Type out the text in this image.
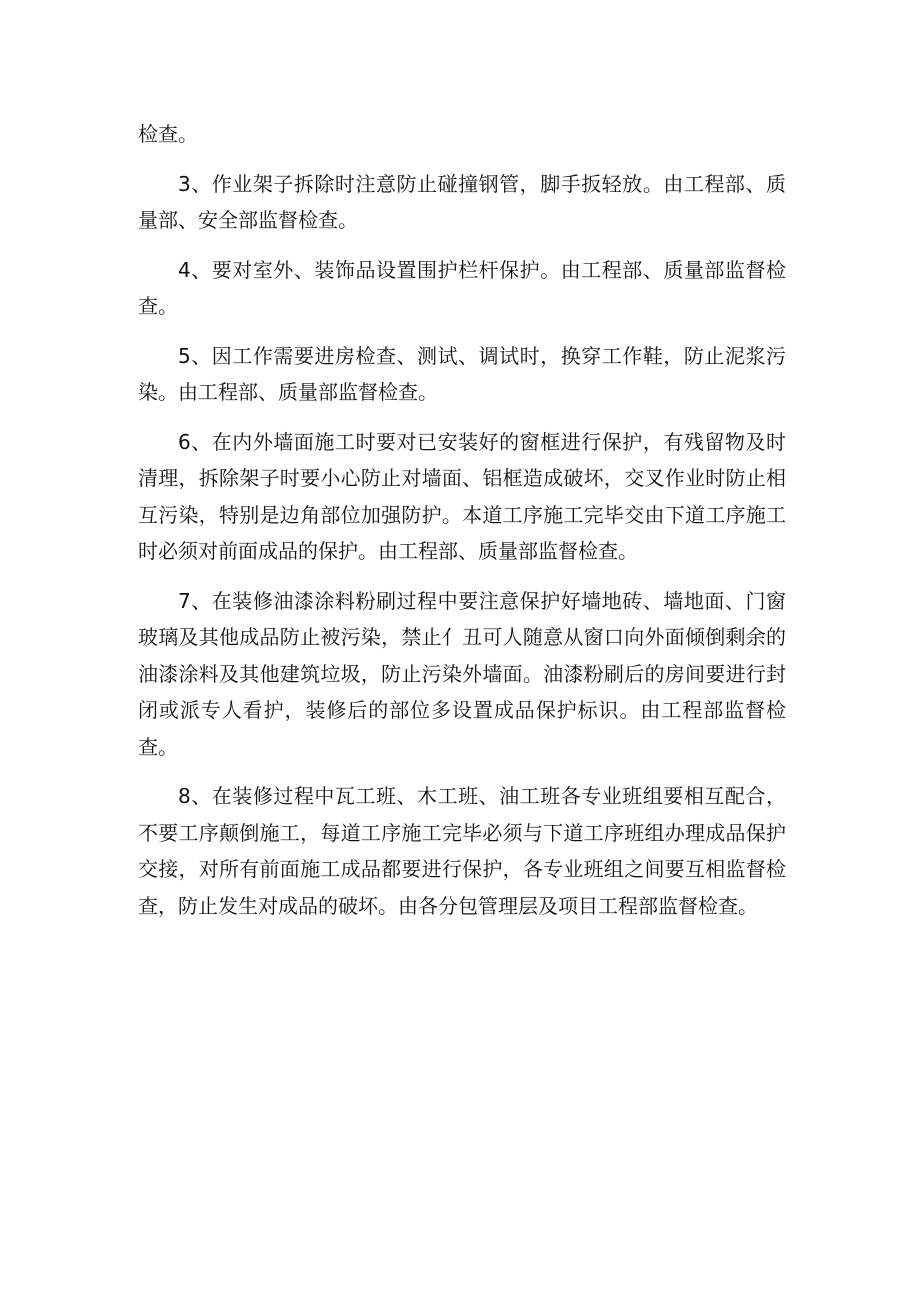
检查。

3、作业架子拆除时注意防止碰撞钢管，脚手扳轻放。由工程部、质量部、安全部监督检查。

4、要对室外、装饰品设置围护栏杆保护。由工程部、质量部监督检查。

5、因工作需要进房检查、测试、调试时，换穿工作鞋，防止泥浆污染。由工程部、质量部监督检查。

6、在内外墙面施工时要对已安装好的窗框进行保护，有残留物及时清理，拆除架子时要小心防止对墙面、铝框造成破坏，交叉作业时防止相互污染，特别是边角部位加强防护。本道工序施工完毕交由下道工序施工时必须对前面成品的保护。由工程部、质量部监督检查。

7、在装修油漆涂料粉刷过程中要注意保护好墙地砖、墙地面、门窗玻璃及其他成品防止被污染，禁止亻丑可人随意从窗口向外面倾倒剩余的油漆涂料及其他建筑垃圾，防止污染外墙面。油漆粉刷后的房间要进行封闭或派专人看护，装修后的部位多设置成品保护标识。由工程部监督检查。

8、在装修过程中瓦工班、木工班、油工班各专业班组要相互配合，不要工序颠倒施工，每道工序施工完毕必须与下道工序班组办理成品保护交接，对所有前面施工成品都要进行保护，各专业班组之间要互相监督检查，防止发生对成品的破坏。由各分包管理层及项目工程部监督检查。
